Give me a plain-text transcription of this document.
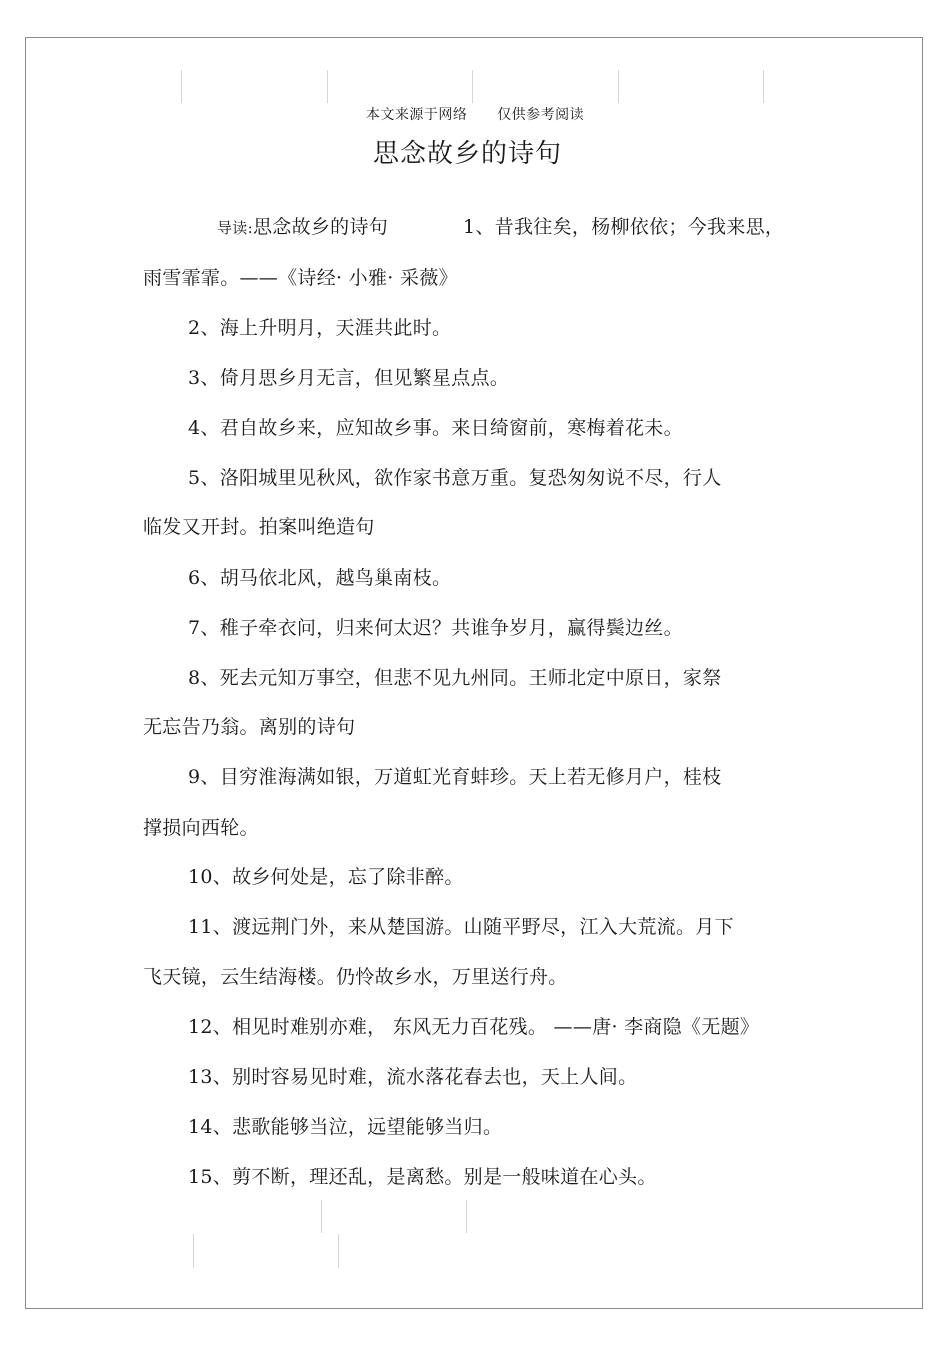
本文来源于网络      仅供参考阅读
思念故乡的诗句
导读:思念故乡的诗句	1、昔我往矣，杨柳依依；今我来思，
雨雪霏霏。——《诗经· 小雅· 采薇》
2、海上升明月，天涯共此时。
3、倚月思乡月无言，但见繁星点点。
4、君自故乡来，应知故乡事。来日绮窗前，寒梅着花未。
5、洛阳城里见秋风，欲作家书意万重。复恐匆匆说不尽，行人
临发又开封。拍案叫绝造句
6、胡马依北风，越鸟巢南枝。
7、稚子牵衣问，归来何太迟？共谁争岁月，赢得鬓边丝。
8、死去元知万事空，但悲不见九州同。王师北定中原日，家祭
无忘告乃翁。离别的诗句
9、目穷淮海满如银，万道虹光育蚌珍。天上若无修月户，桂枝
撑损向西轮。
10、故乡何处是，忘了除非醉。
11、渡远荆门外，来从楚国游。山随平野尽，江入大荒流。月下
飞天镜，云生结海楼。仍怜故乡水，万里送行舟。
12、相见时难别亦难， 东风无力百花残。 ——唐· 李商隐《无题》
13、别时容易见时难，流水落花春去也，天上人间。
14、悲歌能够当泣，远望能够当归。
15、剪不断，理还乱，是离愁。别是一般味道在心头。
